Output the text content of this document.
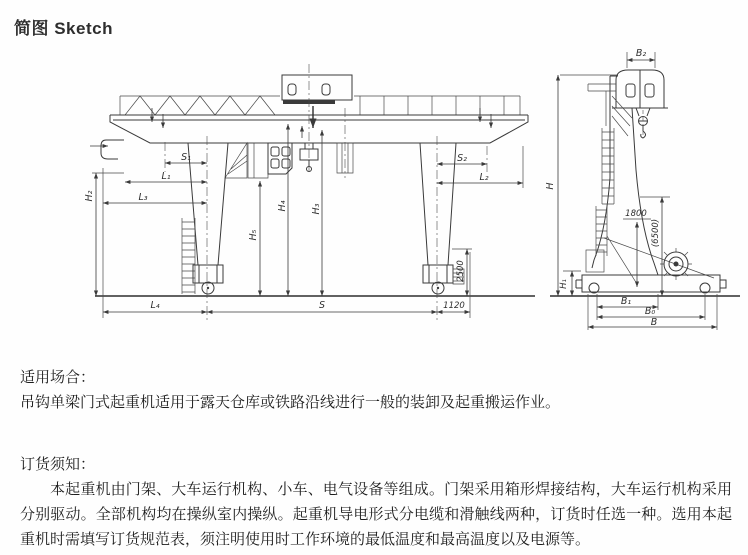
简图 Sketch
S₁
L₁
L₃
S₂
L₂
L₄	S	1120
H₂
H₅
H₄ H₃
2500
B₂
H
1800
(6500)
H₁
B₁
B₀
B
适用场合：

吊钩单梁门式起重机适用于露天仓库或铁路沿线进行一般的装卸及起重搬运作业。

订货须知：

本起重机由门架、大车运行机构、小车、电气设备等组成。门架采用箱形焊接结构，大车运行机构采用分别驱动。全部机构均在操纵室内操纵。起重机导电形式分电缆和滑触线两种，订货时任选一种。选用本起重机时需填写订货规范表，须注明使用时工作环境的最低温度和最高温度以及电源等。
